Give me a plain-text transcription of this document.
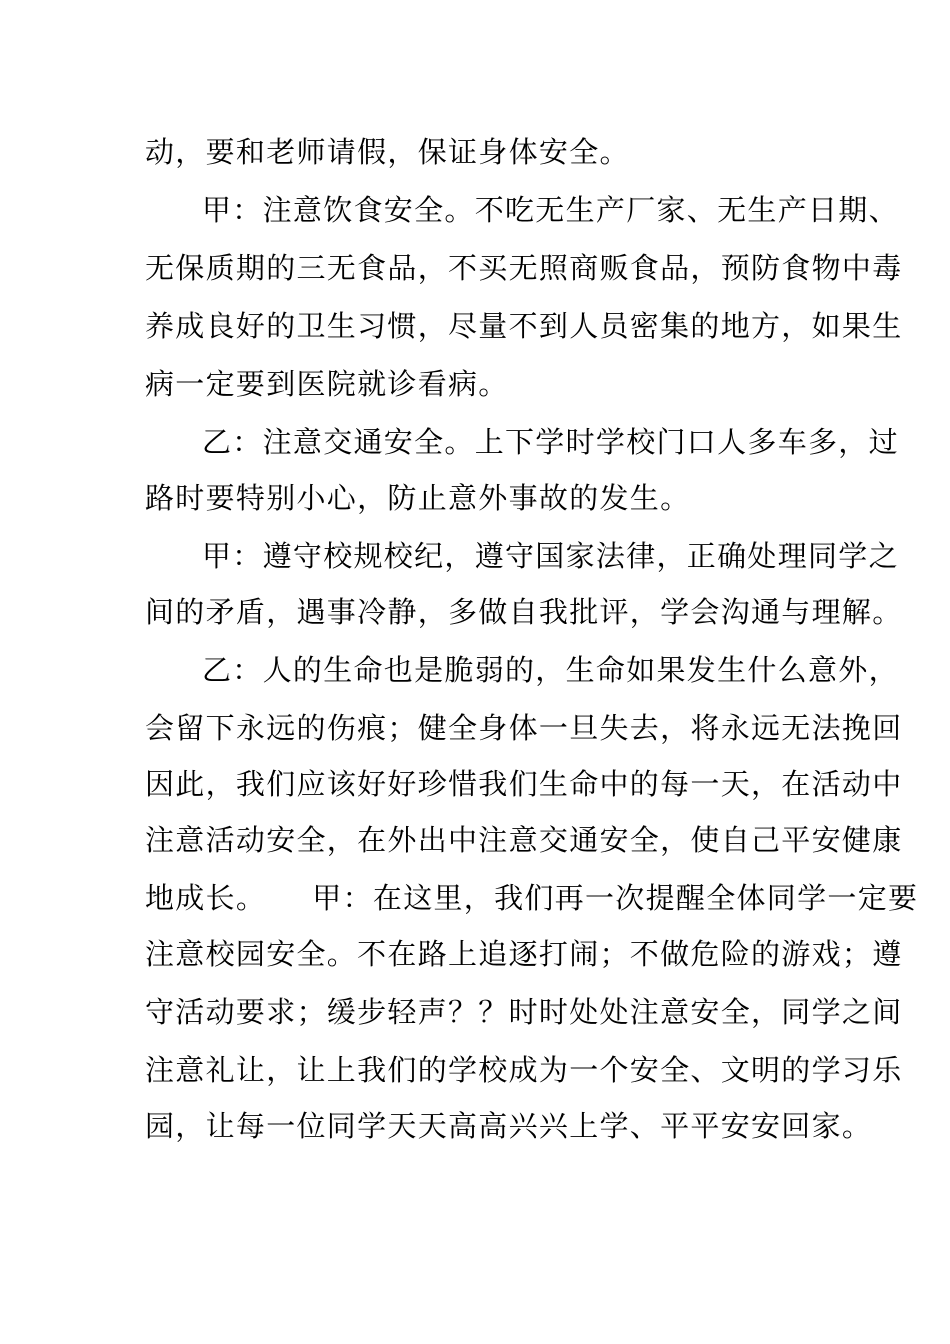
动，要和老师请假，保证身体安全。
甲：注意饮食安全。不吃无生产厂家、无生产日期、
无保质期的三无食品，不买无照商贩食品，预防食物中毒
养成良好的卫生习惯，尽量不到人员密集的地方，如果生
病一定要到医院就诊看病。
乙：注意交通安全。上下学时学校门口人多车多，过
路时要特别小心，防止意外事故的发生。
甲：遵守校规校纪，遵守国家法律，正确处理同学之
间的矛盾，遇事冷静，多做自我批评，学会沟通与理解。
乙：人的生命也是脆弱的，生命如果发生什么意外，
会留下永远的伤痕；健全身体一旦失去，将永远无法挽回
因此，我们应该好好珍惜我们生命中的每一天，在活动中
注意活动安全，在外出中注意交通安全，使自己平安健康
地成长。　　甲：在这里，我们再一次提醒全体同学一定要
注意校园安全。不在路上追逐打闹；不做危险的游戏；遵
守活动要求；缓步轻声？？时时处处注意安全，同学之间
注意礼让，让上我们的学校成为一个安全、文明的学习乐
园，让每一位同学天天高高兴兴上学、平平安安回家。
